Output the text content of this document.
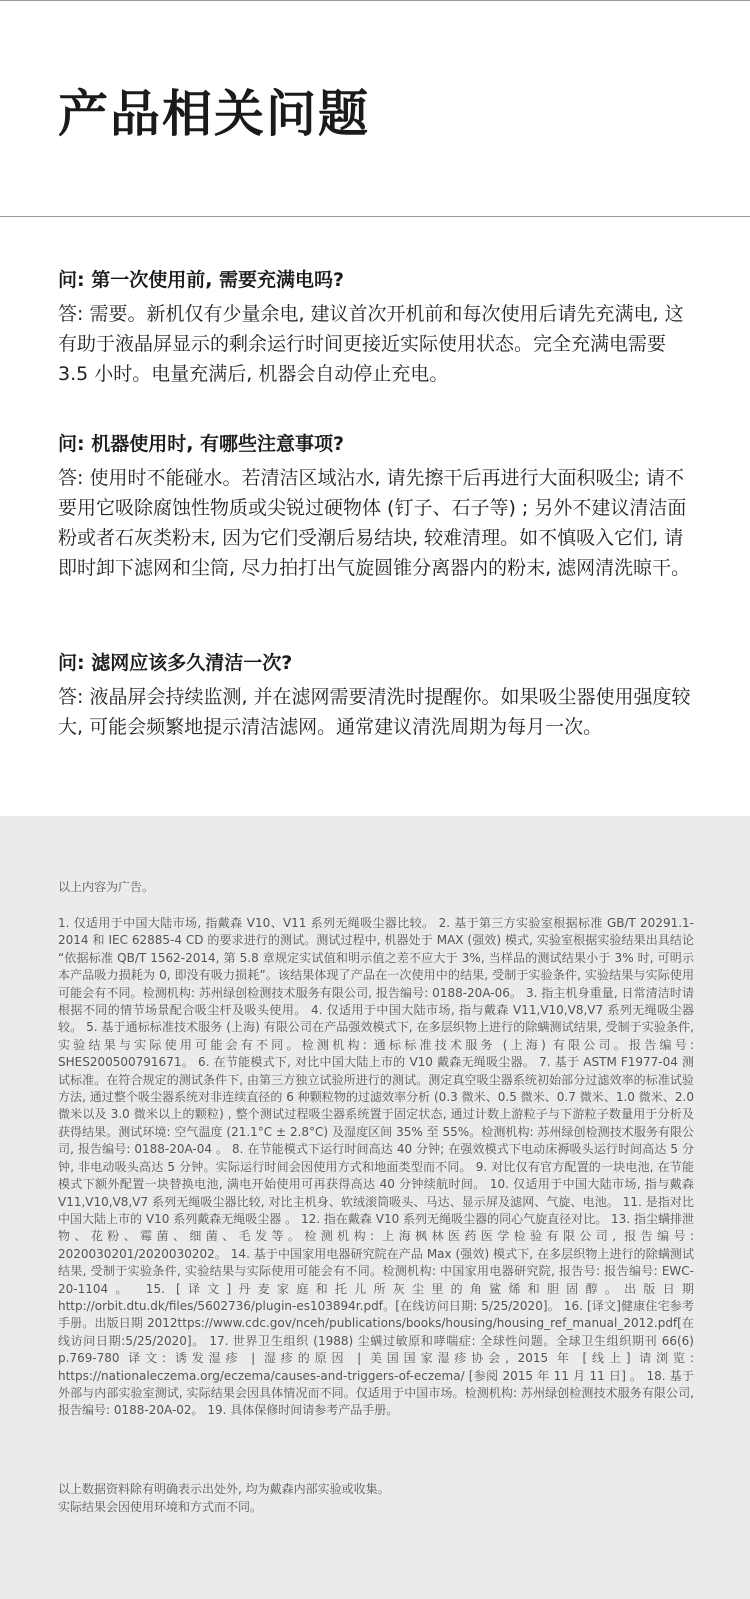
产品相关问题

问: 第一次使用前, 需要充满电吗?

答: 需要。新机仅有少量余电, 建议首次开机前和每次使用后请先充满电, 这有助于液晶屏显示的剩余运行时间更接近实际使用状态。完全充满电需要 3.5 小时。电量充满后, 机器会自动停止充电。

问: 机器使用时, 有哪些注意事项?

答: 使用时不能碰水。若清洁区域沾水, 请先擦干后再进行大面积吸尘; 请不要用它吸除腐蚀性物质或尖锐过硬物体 (钉子、石子等) ; 另外不建议清洁面粉或者石灰类粉末, 因为它们受潮后易结块, 较难清理。如不慎吸入它们, 请即时卸下滤网和尘筒, 尽力拍打出气旋圆锥分离器内的粉末, 滤网清洗晾干。

问: 滤网应该多久清洁一次?

答: 液晶屏会持续监测, 并在滤网需要清洗时提醒你。如果吸尘器使用强度较大, 可能会频繁地提示清洁滤网。通常建议清洗周期为每月一次。

以上内容为广告。

1. 仅适用于中国大陆市场, 指戴森 V10、V11 系列无绳吸尘器比较。 2. 基于第三方实验室根据标准 GB/T 20291.1-2014 和 IEC 62885-4 CD 的要求进行的测试。测试过程中, 机器处于 MAX (强效) 模式, 实验室根据实验结果出具结论 “依据标准 QB/T 1562-2014, 第 5.8 章规定实试值和明示值之差不应大于 3%, 当样品的测试结果小于 3% 时, 可明示本产品吸力损耗为 0, 即没有吸力损耗”。该结果体现了产品在一次使用中的结果, 受制于实验条件, 实验结果与实际使用可能会有不同。检测机构: 苏州绿创检测技术服务有限公司, 报告编号: 0188-20A-06。 3. 指主机身重量, 日常清洁时请根据不同的情节场景配合吸尘杆及吸头使用。 4. 仅适用于中国大陆市场, 指与戴森 V11,V10,V8,V7 系列无绳吸尘器较。 5. 基于通标标准技术服务 (上海) 有限公司在产品强效模式下, 在多层织物上进行的除螨测试结果, 受制于实验条件, 实验结果与实际使用可能会有不同。检测机构: 通标标准技术服务 (上海) 有限公司。报告编号: SHES200500791671。 6. 在节能模式下, 对比中国大陆上市的 V10 戴森无绳吸尘器。 7. 基于 ASTM F1977-04 测试标准。在符合规定的测试条件下, 由第三方独立试验所进行的测试。测定真空吸尘器系统初始部分过滤效率的标准试验方法, 通过整个吸尘器系统对非连续直径的 6 种颗粒物的过滤效率分析 (0.3 微米、0.5 微米、0.7 微米、1.0 微米、2.0 微米以及 3.0 微米以上的颗粒) , 整个测试过程吸尘器系统置于固定状态, 通过计数上游粒子与下游粒子数量用于分析及获得结果。测试环境: 空气温度 (21.1°C ± 2.8°C) 及湿度区间 35% 至 55%。检测机构: 苏州绿创检测技术服务有限公司, 报告编号: 0188-20A-04 。 8. 在节能模式下运行时间高达 40 分钟; 在强效模式下电动床褥吸头运行时间高达 5 分钟, 非电动吸头高达 5 分钟。实际运行时间会因使用方式和地面类型而不同。 9. 对比仅有官方配置的一块电池, 在节能模式下额外配置一块替换电池, 满电开始使用可再获得高达 40 分钟续航时间。 10. 仅适用于中国大陆市场, 指与戴森 V11,V10,V8,V7 系列无绳吸尘器比较, 对比主机身、软绒滚筒吸头、马达、显示屏及滤网、气旋、电池。 11. 是指对比中国大陆上市的 V10 系列戴森无绳吸尘器 。 12. 指在戴森 V10 系列无绳吸尘器的同心气旋直径对比。 13. 指尘螨排泄物、花粉、霉菌、细菌、毛发等。检测机构: 上海枫林医药医学检验有限公司, 报告编号: 2020030201/2020030202。 14. 基于中国家用电器研究院在产品 Max (强效) 模式下, 在多层织物上进行的除螨测试结果, 受制于实验条件, 实验结果与实际使用可能会有不同。检测机构: 中国家用电器研究院, 报告号: 报告编号: EWC- 20-1104。 15. [译文]丹麦家庭和托儿所灰尘里的角鲨烯和胆固醇。出版日期http://orbit.dtu.dk/files/5602736/plugin-es103894r.pdf。[在线访问日期: 5/25/2020]。 16. [译文]健康住宅参考手册。出版日期 2012ttps://www.cdc.gov/nceh/publications/books/housing/housing_ref_manual_2012.pdf[在线访问日期:5/25/2020]。 17. 世界卫生组织 (1988) 尘螨过敏原和哮喘症: 全球性问题。全球卫生组织期刊 66(6) p.769-780 译文: 诱发湿疹 | 湿疹的原因 | 美国国家湿疹协会, 2015 年 [线上] 请浏览: https://nationaleczema.org/eczema/causes-and-triggers-of-eczema/ [参阅 2015 年 11 月 11 日] 。 18. 基于外部与内部实验室测试, 实际结果会因具体情况而不同。仅适用于中国市场。检测机构: 苏州绿创检测技术服务有限公司, 报告编号: 0188-20A-02。 19. 具体保修时间请参考产品手册。

以上数据资料除有明确表示出处外, 均为戴森内部实验或收集。
实际结果会因使用环境和方式而不同。
